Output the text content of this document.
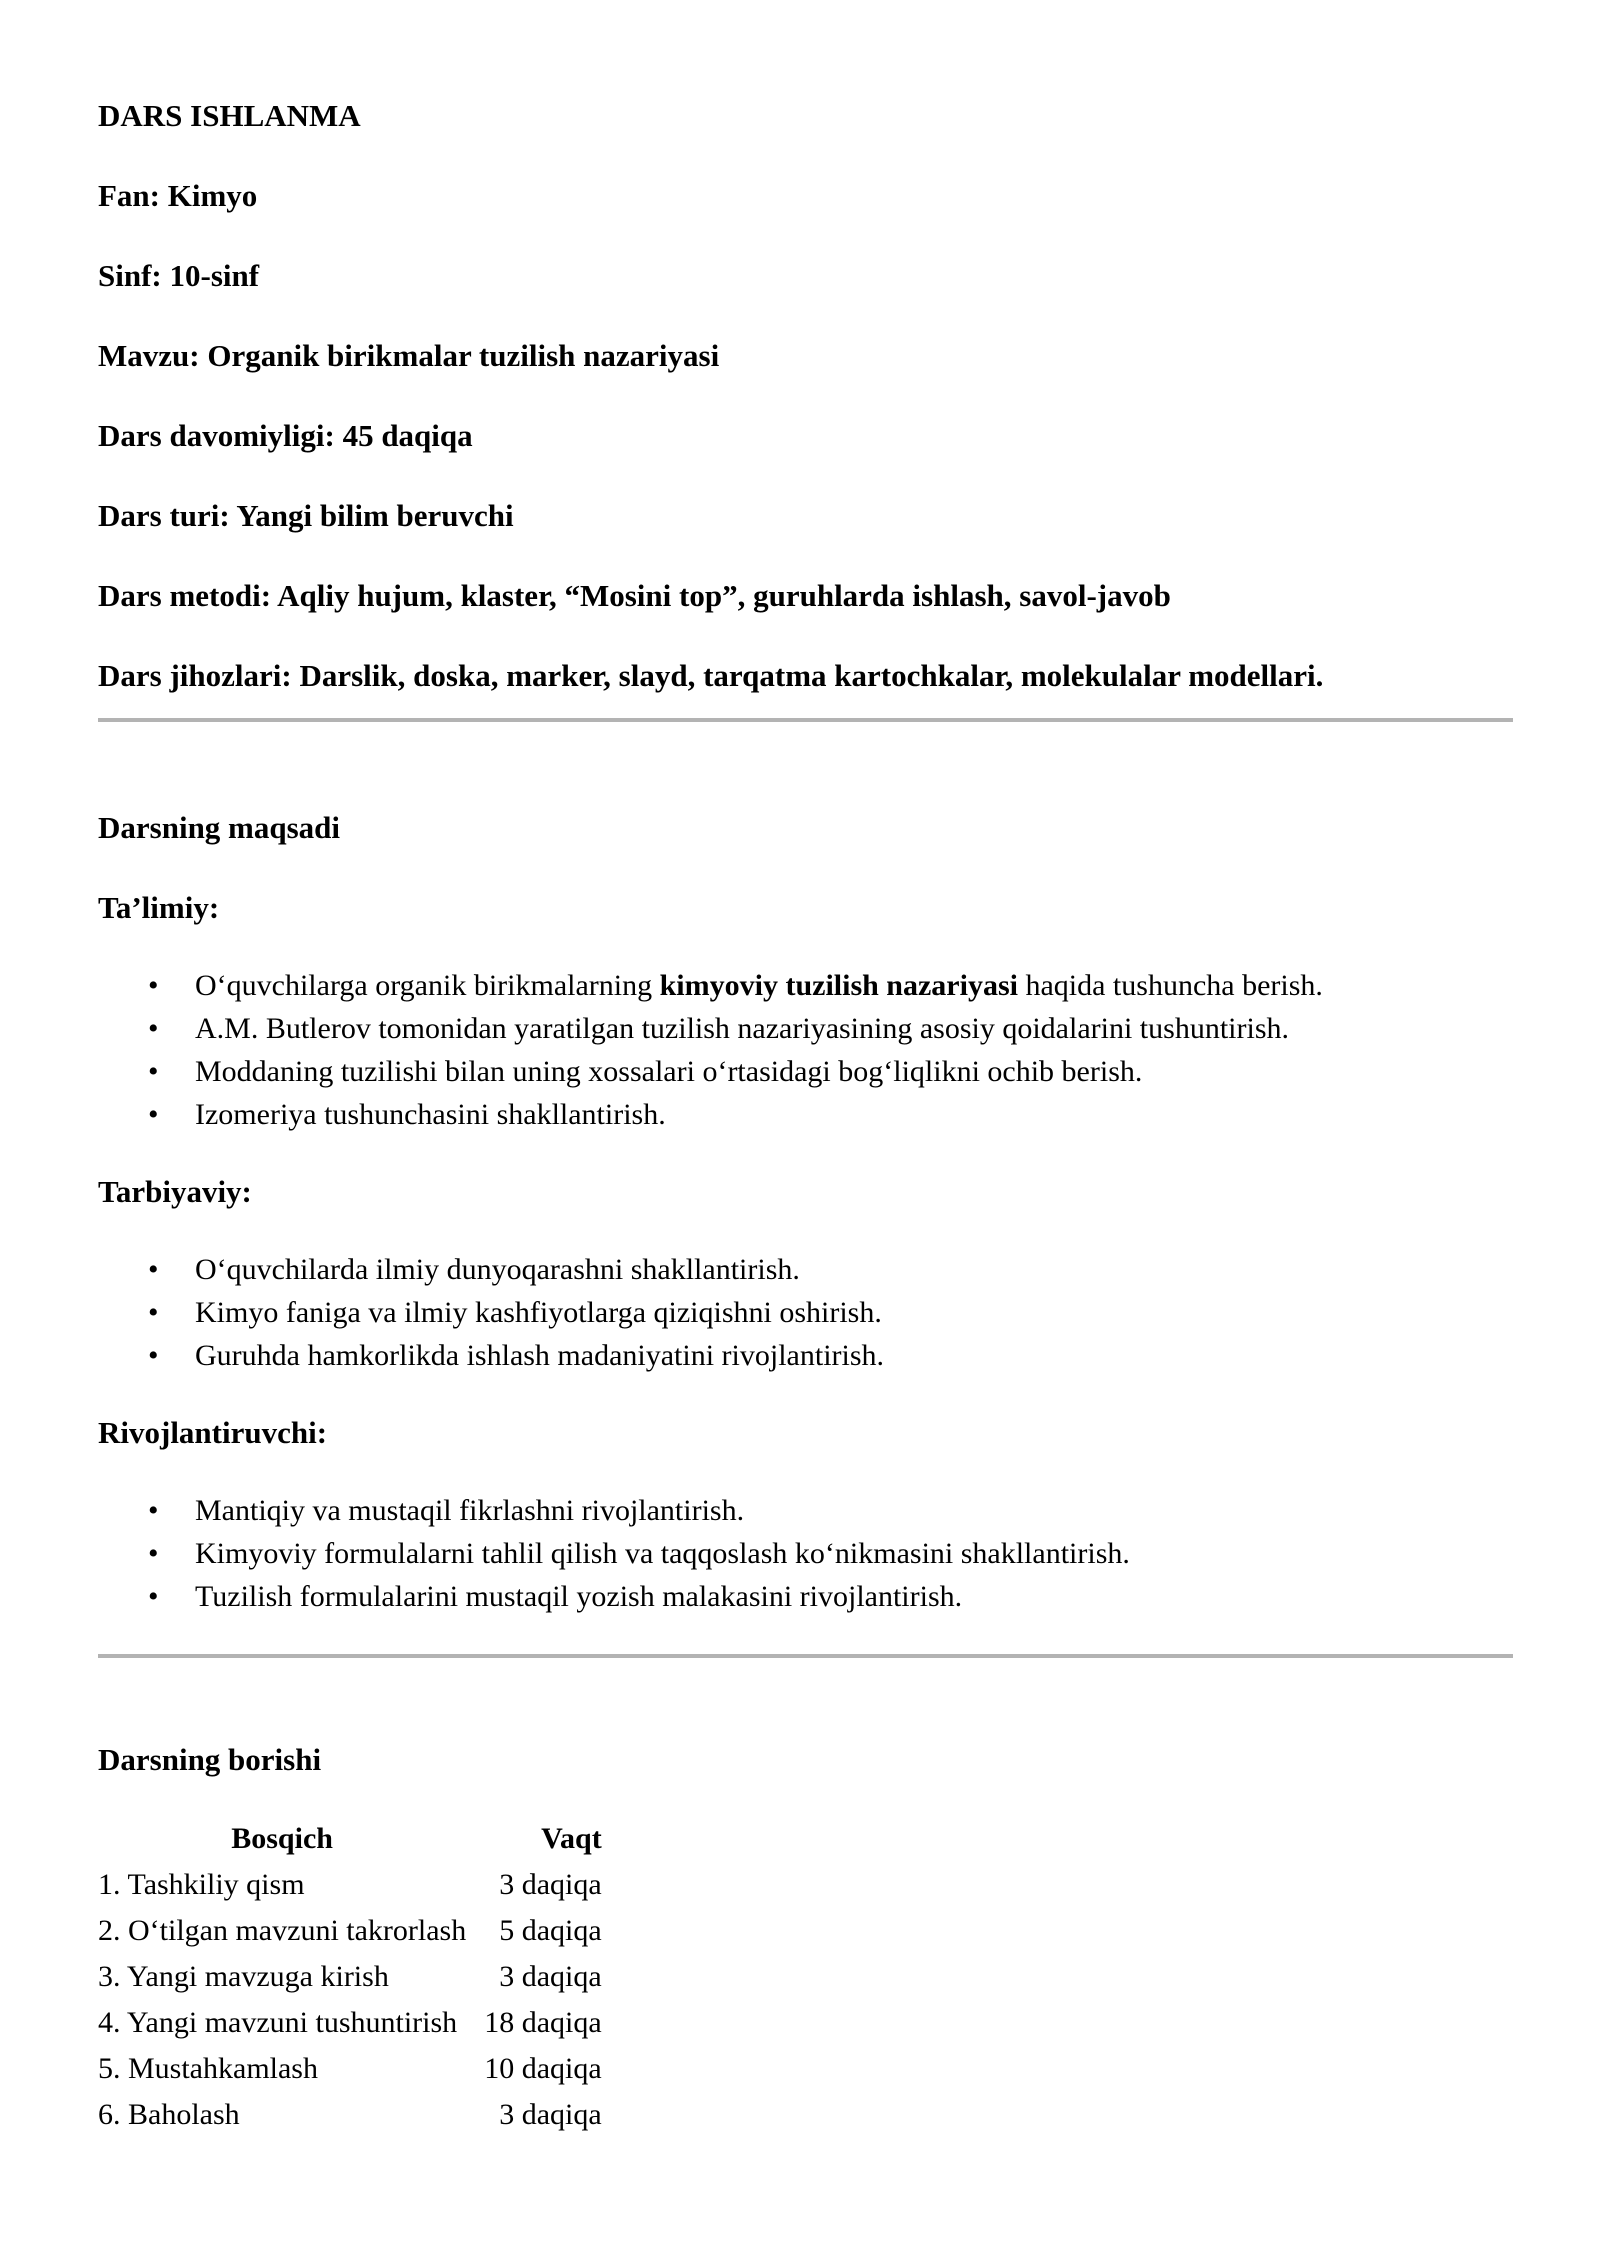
DARS ISHLANMA
Fan: Kimyo
Sinf: 10-sinf
Mavzu: Organik birikmalar tuzilish nazariyasi
Dars davomiyligi: 45 daqiqa
Dars turi: Yangi bilim beruvchi
Dars metodi: Aqliy hujum, klaster, “Mosini top”, guruhlarda ishlash, savol-javob
Dars jihozlari: Darslik, doska, marker, slayd, tarqatma kartochkalar, molekulalar modellari.
Darsning maqsadi
Ta’limiy:
• O‘quvchilarga organik birikmalarning kimyoviy tuzilish nazariyasi haqida tushuncha berish.
• A.M. Butlerov tomonidan yaratilgan tuzilish nazariyasining asosiy qoidalarini tushuntirish.
• Moddaning tuzilishi bilan uning xossalari o‘rtasidagi bog‘liqlikni ochib berish.
• Izomeriya tushunchasini shakllantirish.
Tarbiyaviy:
• O‘quvchilarda ilmiy dunyoqarashni shakllantirish.
• Kimyo faniga va ilmiy kashfiyotlarga qiziqishni oshirish.
• Guruhda hamkorlikda ishlash madaniyatini rivojlantirish.
Rivojlantiruvchi:
• Mantiqiy va mustaqil fikrlashni rivojlantirish.
• Kimyoviy formulalarni tahlil qilish va taqqoslash ko‘nikmasini shakllantirish.
• Tuzilish formulalarini mustaqil yozish malakasini rivojlantirish.
Darsning borishi
Bosqich	Vaqt
1. Tashkiliy qism	3 daqiqa
2. O‘tilgan mavzuni takrorlash	5 daqiqa
3. Yangi mavzuga kirish	3 daqiqa
4. Yangi mavzuni tushuntirish	18 daqiqa
5. Mustahkamlash	10 daqiqa
6. Baholash	3 daqiqa
